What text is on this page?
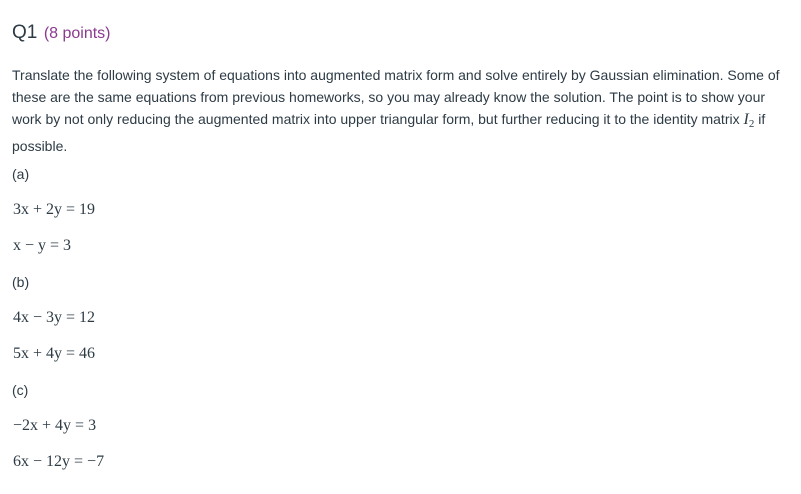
Q1 (8 points)
Translate the following system of equations into augmented matrix form and solve entirely by Gaussian elimination. Some of these are the same equations from previous homeworks, so you may already know the solution. The point is to show your work by not only reducing the augmented matrix into upper triangular form, but further reducing it to the identity matrix $I_2$ if possible.
(a)
3x + 2y = 19
x − y = 3
(b)
4x − 3y = 12
5x + 4y = 46
(c)
−2x + 4y = 3
6x − 12y = −7
